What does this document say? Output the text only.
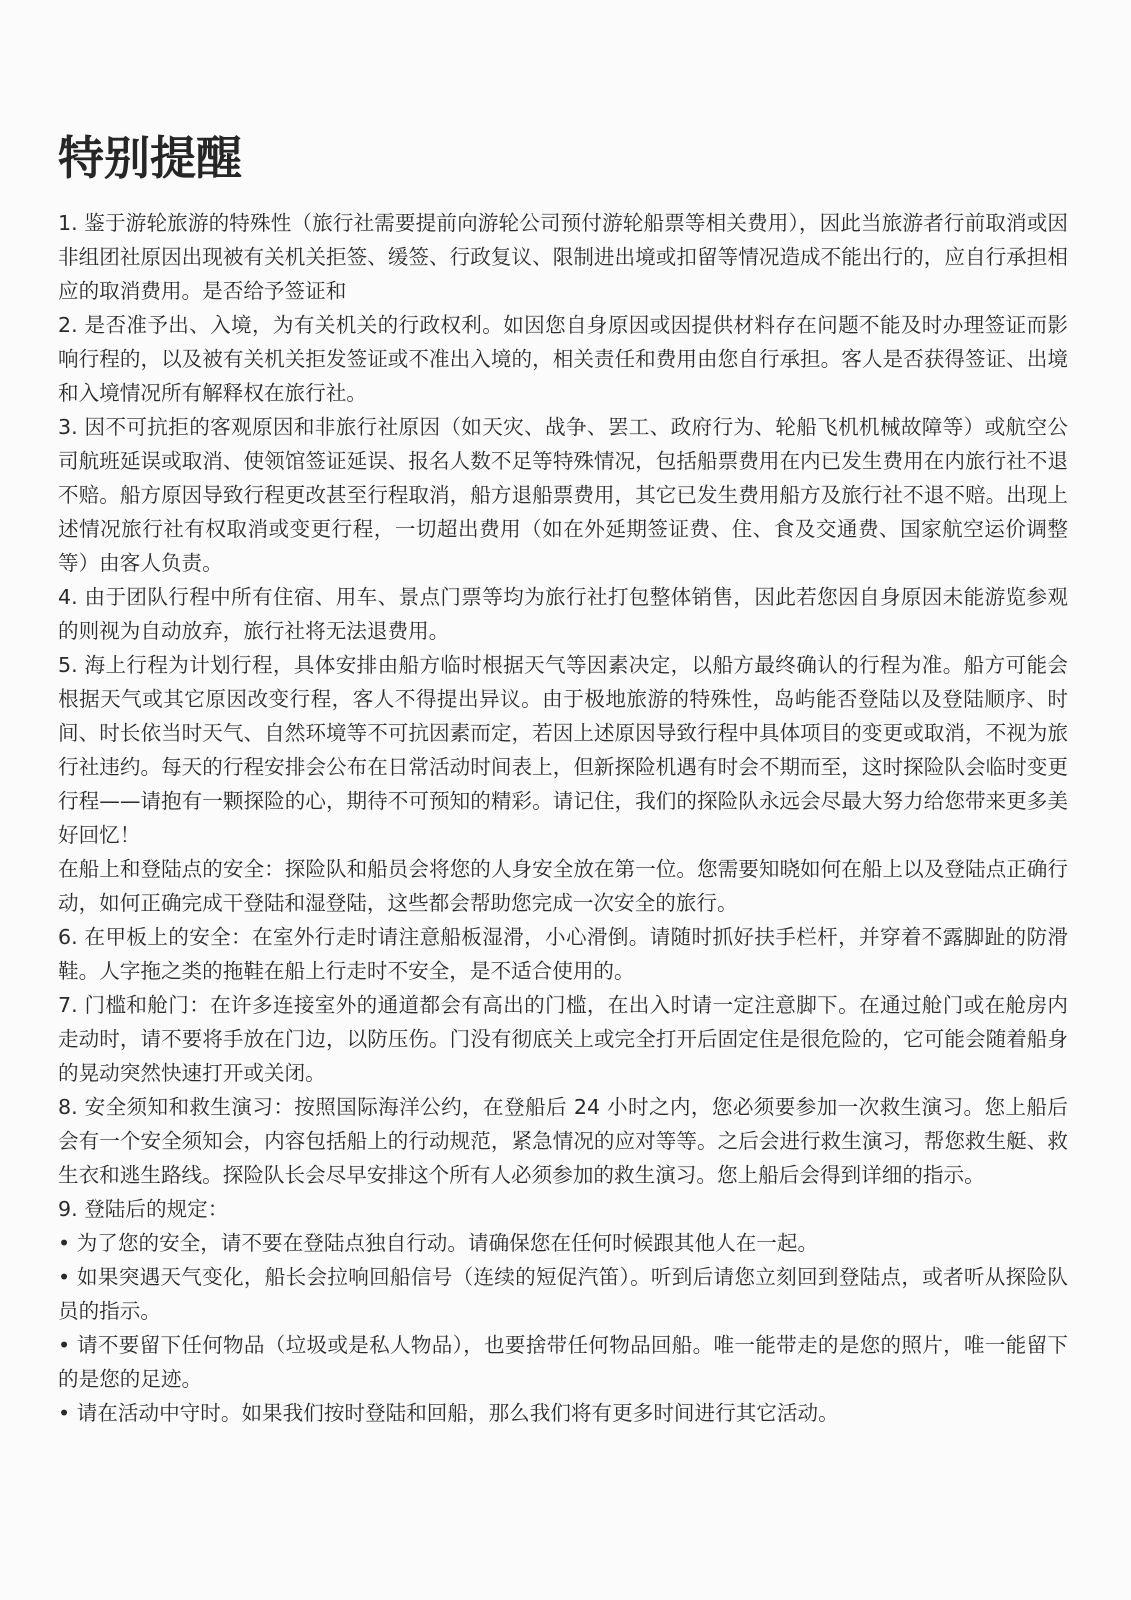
特别提醒

1. 鉴于游轮旅游的特殊性（旅行社需要提前向游轮公司预付游轮船票等相关费用），因此当旅游者行前取消或因非组团社原因出现被有关机关拒签、缓签、行政复议、限制进出境或扣留等情况造成不能出行的，应自行承担相应的取消费用。是否给予签证和

2. 是否准予出、入境，为有关机关的行政权利。如因您自身原因或因提供材料存在问题不能及时办理签证而影响行程的，以及被有关机关拒发签证或不准出入境的，相关责任和费用由您自行承担。客人是否获得签证、出境和入境情况所有解释权在旅行社。

3. 因不可抗拒的客观原因和非旅行社原因（如天灾、战争、罢工、政府行为、轮船飞机机械故障等）或航空公司航班延误或取消、使领馆签证延误、报名人数不足等特殊情况，包括船票费用在内已发生费用在内旅行社不退不赔。船方原因导致行程更改甚至行程取消，船方退船票费用，其它已发生费用船方及旅行社不退不赔。出现上述情况旅行社有权取消或变更行程，一切超出费用（如在外延期签证费、住、食及交通费、国家航空运价调整等）由客人负责。

4. 由于团队行程中所有住宿、用车、景点门票等均为旅行社打包整体销售，因此若您因自身原因未能游览参观的则视为自动放弃，旅行社将无法退费用。

5. 海上行程为计划行程，具体安排由船方临时根据天气等因素决定，以船方最终确认的行程为准。船方可能会根据天气或其它原因改变行程，客人不得提出异议。由于极地旅游的特殊性，岛屿能否登陆以及登陆顺序、时间、时长依当时天气、自然环境等不可抗因素而定，若因上述原因导致行程中具体项目的变更或取消，不视为旅行社违约。每天的行程安排会公布在日常活动时间表上，但新探险机遇有时会不期而至，这时探险队会临时变更行程——请抱有一颗探险的心，期待不可预知的精彩。请记住，我们的探险队永远会尽最大努力给您带来更多美好回忆！

在船上和登陆点的安全：探险队和船员会将您的人身安全放在第一位。您需要知晓如何在船上以及登陆点正确行动，如何正确完成干登陆和湿登陆，这些都会帮助您完成一次安全的旅行。

6. 在甲板上的安全：在室外行走时请注意船板湿滑，小心滑倒。请随时抓好扶手栏杆，并穿着不露脚趾的防滑鞋。人字拖之类的拖鞋在船上行走时不安全，是不适合使用的。

7. 门槛和舱门：在许多连接室外的通道都会有高出的门槛，在出入时请一定注意脚下。在通过舱门或在舱房内走动时，请不要将手放在门边，以防压伤。门没有彻底关上或完全打开后固定住是很危险的，它可能会随着船身的晃动突然快速打开或关闭。

8. 安全须知和救生演习：按照国际海洋公约，在登船后 24 小时之内，您必须要参加一次救生演习。您上船后会有一个安全须知会，内容包括船上的行动规范，紧急情况的应对等等。之后会进行救生演习，帮您救生艇、救生衣和逃生路线。探险队长会尽早安排这个所有人必须参加的救生演习。您上船后会得到详细的指示。

9. 登陆后的规定：

• 为了您的安全，请不要在登陆点独自行动。请确保您在任何时候跟其他人在一起。

• 如果突遇天气变化，船长会拉响回船信号（连续的短促汽笛）。听到后请您立刻回到登陆点，或者听从探险队员的指示。

• 请不要留下任何物品（垃圾或是私人物品），也要捨带任何物品回船。唯一能带走的是您的照片，唯一能留下的是您的足迹。

• 请在活动中守时。如果我们按时登陆和回船，那么我们将有更多时间进行其它活动。
